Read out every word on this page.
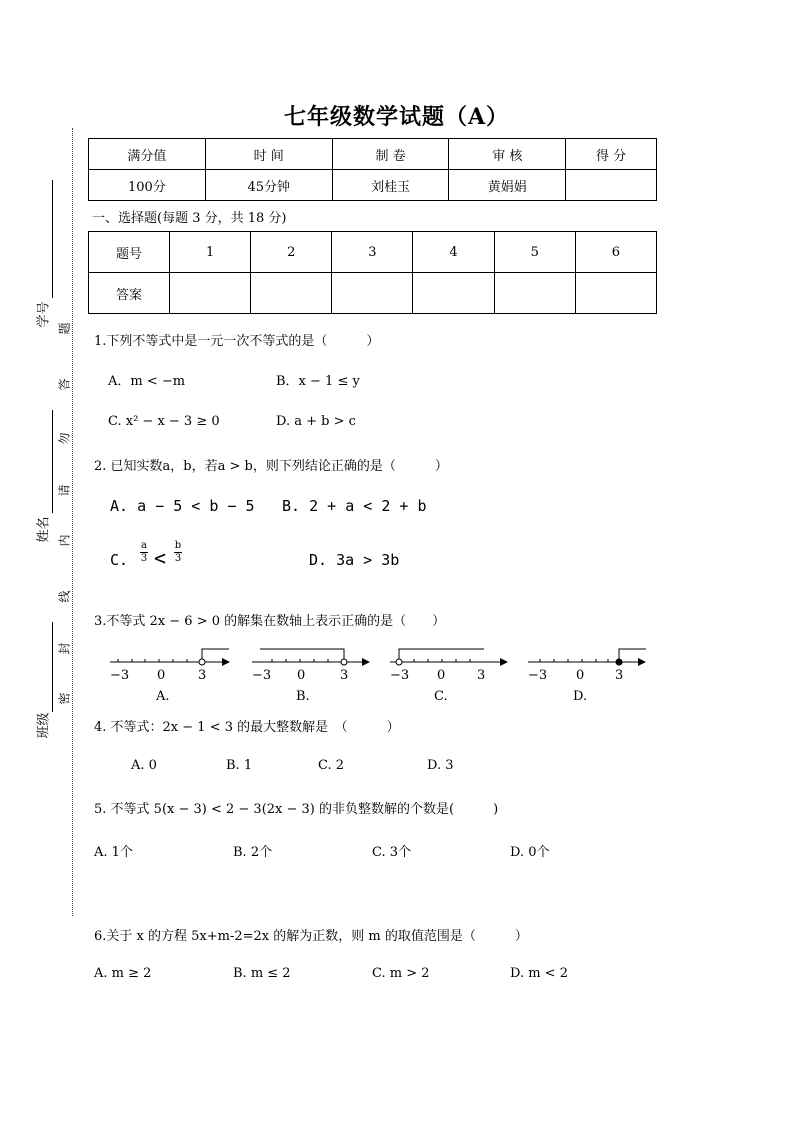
七年级数学试题（A）
学号
姓名
班级
题
答
勿
请
内
线
封
密
满分值	时 间	制 卷	审 核	得 分
100分	45分钟	刘桂玉	黄娟娟	
一、选择题(每题 3 分，共 18 分)
题号	1	2	3	4	5	6
答案						
1.下列不等式中是一元一次不等式的是（　　　）
A．m < −m	B．x − 1 ≤ y
C. x² − x − 3 ≥ 0	D. a + b > c
2. 已知实数a，b，若a > b，则下列结论正确的是（　　　）
A. a − 5 < b − 5 B. 2 + a < 2 + b
C. $\frac{a}{3} < \frac{b}{3}$	D. 3a > 3b
3.不等式 2x − 6 > 0 的解集在数轴上表示正确的是（　　）
−3 0	3	−3 0	3	−3 0 3	−3 0 3
A.	B.	C.	D.
4. 不等式：2x − 1 < 3 的最大整数解是　（　　　）
A. 0	B. 1	C. 2	D. 3
5. 不等式 5(x − 3) < 2 − 3(2x − 3) 的非负整数解的个数是(　　　)
A. 1个	B. 2个	C. 3个	D. 0个
6.关于 x 的方程 5x+m-2=2x 的解为正数，则 m 的取值范围是（　　　）
A. m ≥ 2	B. m ≤ 2	C. m > 2	D. m < 2
